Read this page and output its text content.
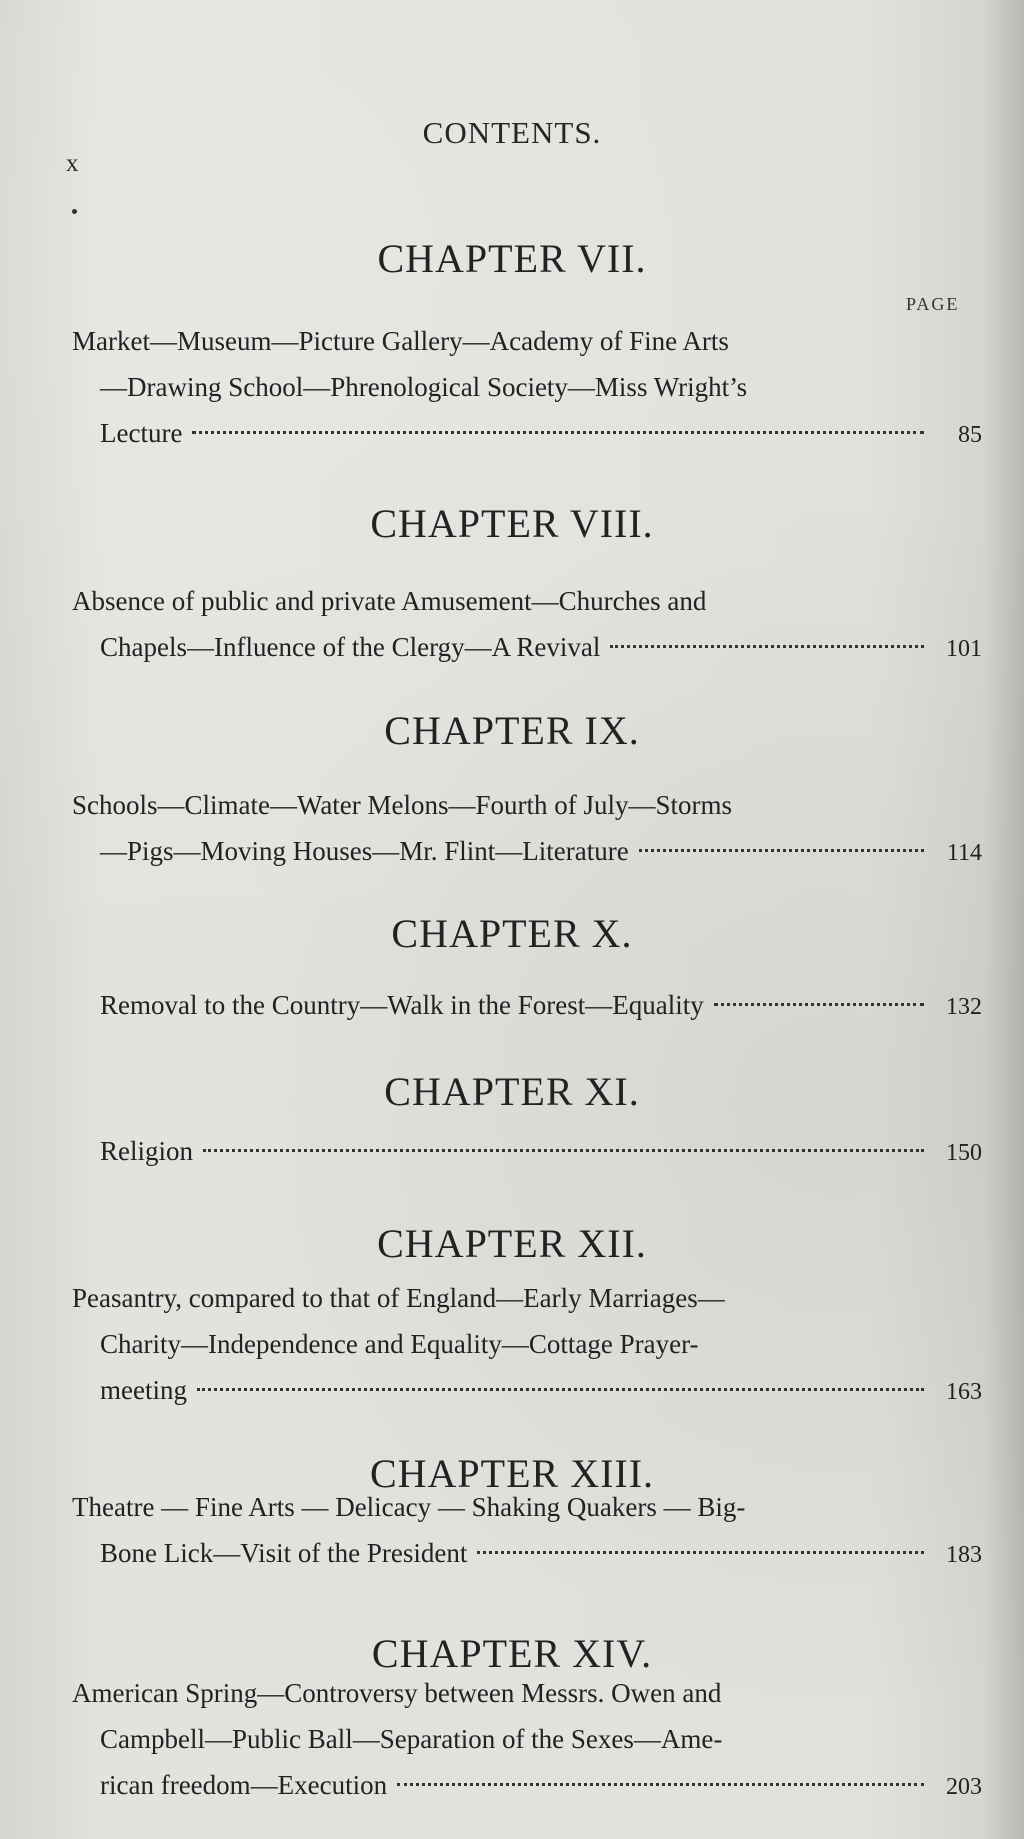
CONTENTS.
x
PAGE
CHAPTER VII.
Market—Museum—Picture Gallery—Academy of Fine Arts
—Drawing School—Phrenological Society—Miss Wright’s
Lecture	85
CHAPTER VIII.
Absence of public and private Amusement—Churches and
Chapels—Influence of the Clergy—A Revival	101
CHAPTER IX.
Schools—Climate—Water Melons—Fourth of July—Storms
—Pigs—Moving Houses—Mr. Flint—Literature	114
CHAPTER X.
Removal to the Country—Walk in the Forest—Equality	132
CHAPTER XI.
Religion	150
CHAPTER XII.
Peasantry, compared to that of England—Early Marriages—
Charity—Independence and Equality—Cottage Prayer-
meeting	163
CHAPTER XIII.
Theatre — Fine Arts — Delicacy — Shaking Quakers — Big-
Bone Lick—Visit of the President	183
CHAPTER XIV.
American Spring—Controversy between Messrs. Owen and
Campbell—Public Ball—Separation of the Sexes—Ame-
rican freedom—Execution	203
